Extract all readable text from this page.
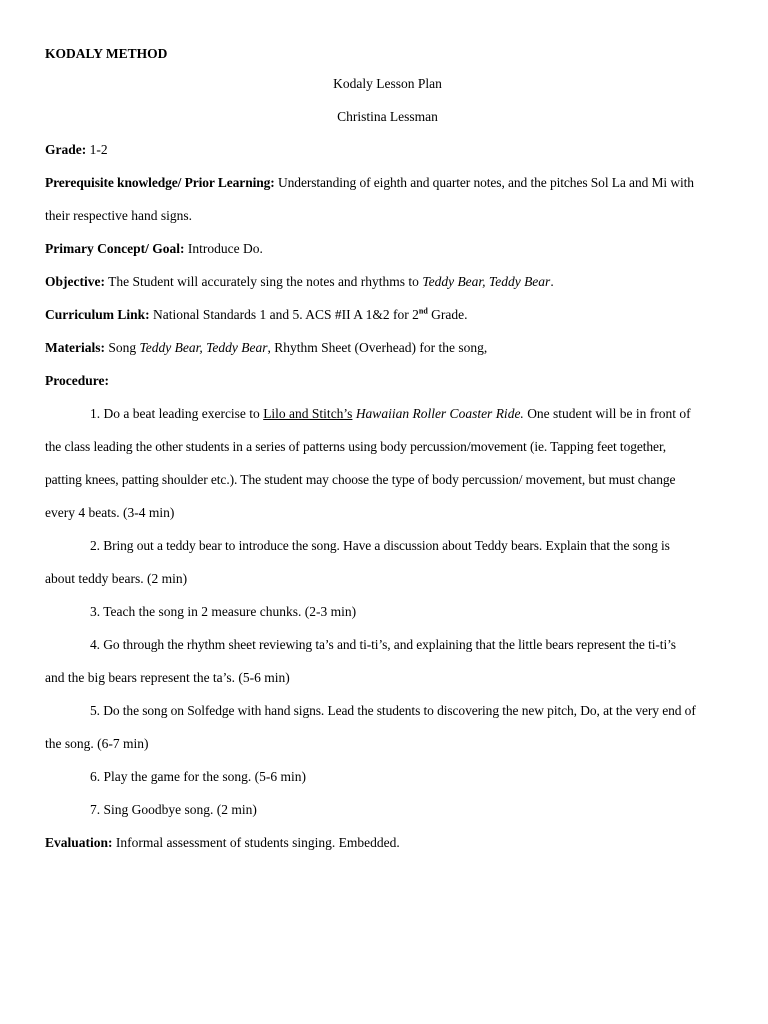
KODALY METHOD
Kodaly Lesson Plan
Christina Lessman
Grade: 1-2
Prerequisite knowledge/ Prior Learning: Understanding of eighth and quarter notes, and the pitches Sol La and Mi with
their respective hand signs.
Primary Concept/ Goal: Introduce Do.
Objective: The Student will accurately sing the notes and rhythms to Teddy Bear, Teddy Bear.
Curriculum Link: National Standards 1 and 5. ACS #II A 1&2 for 2nd Grade.
Materials: Song Teddy Bear, Teddy Bear, Rhythm Sheet (Overhead) for the song,
Procedure:
1. Do a beat leading exercise to Lilo and Stitch’s Hawaiian Roller Coaster Ride. One student will be in front of
the class leading the other students in a series of patterns using body percussion/movement (ie. Tapping feet together,
patting knees, patting shoulder etc.). The student may choose the type of body percussion/ movement, but must change
every 4 beats. (3-4 min)
2. Bring out a teddy bear to introduce the song. Have a discussion about Teddy bears. Explain that the song is
about teddy bears. (2 min)
3. Teach the song in 2 measure chunks. (2-3 min)
4. Go through the rhythm sheet reviewing ta’s and ti-ti’s, and explaining that the little bears represent the ti-ti’s
and the big bears represent the ta’s. (5-6 min)
5. Do the song on Solfedge with hand signs. Lead the students to discovering the new pitch, Do, at the very end of
the song. (6-7 min)
6. Play the game for the song. (5-6 min)
7. Sing Goodbye song. (2 min)
Evaluation: Informal assessment of students singing. Embedded.
